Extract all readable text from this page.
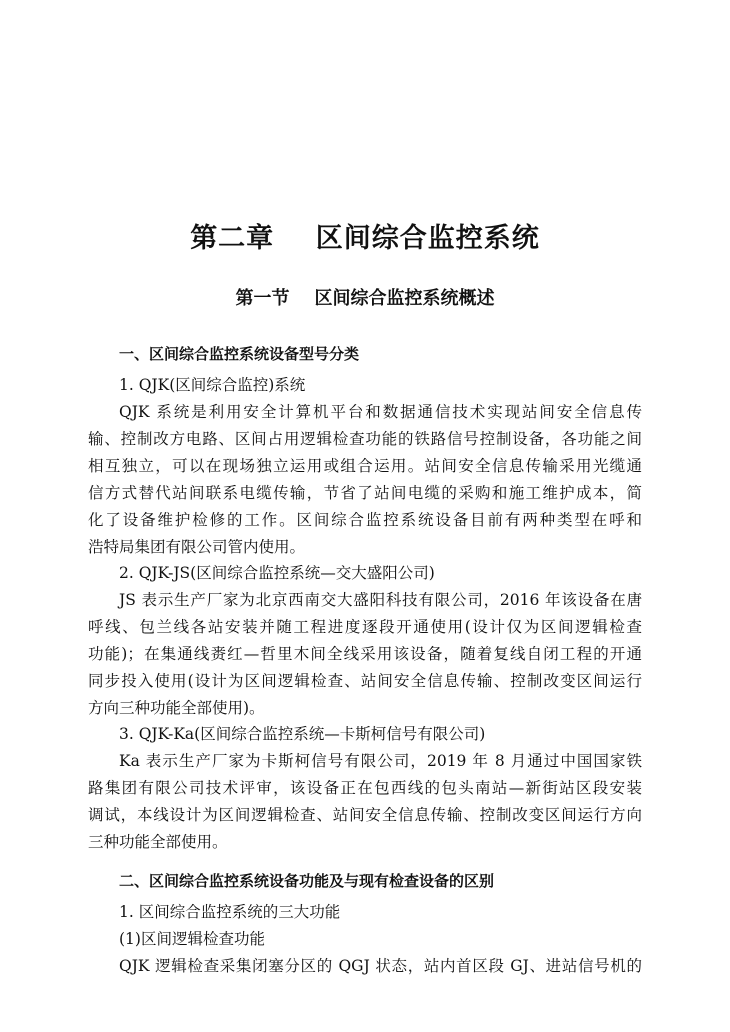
第二章    区间综合监控系统
第一节    区间综合监控系统概述
一、区间综合监控系统设备型号分类
1. QJK(区间综合监控)系统
QJK 系统是利用安全计算机平台和数据通信技术实现站间安全信息传
输、控制改方电路、区间占用逻辑检查功能的铁路信号控制设备，各功能之间
相互独立，可以在现场独立运用或组合运用。站间安全信息传输采用光缆通
信方式替代站间联系电缆传输，节省了站间电缆的采购和施工维护成本，简
化了设备维护检修的工作。区间综合监控系统设备目前有两种类型在呼和
浩特局集团有限公司管内使用。
2. QJK-JS(区间综合监控系统—交大盛阳公司)
JS 表示生产厂家为北京西南交大盛阳科技有限公司，2016 年该设备在唐
呼线、包兰线各站安装并随工程进度逐段开通使用(设计仅为区间逻辑检查
功能)；在集通线赉红—哲里木间全线采用该设备，随着复线自闭工程的开通
同步投入使用(设计为区间逻辑检查、站间安全信息传输、控制改变区间运行
方向三种功能全部使用)。
3. QJK-Ka(区间综合监控系统—卡斯柯信号有限公司)
Ka 表示生产厂家为卡斯柯信号有限公司，2019 年 8 月通过中国国家铁
路集团有限公司技术评审，该设备正在包西线的包头南站—新街站区段安装
调试，本线设计为区间逻辑检查、站间安全信息传输、控制改变区间运行方向
三种功能全部使用。
二、区间综合监控系统设备功能及与现有检查设备的区别
1. 区间综合监控系统的三大功能
(1)区间逻辑检查功能
QJK 逻辑检查采集闭塞分区的 QGJ 状态，站内首区段 GJ、进站信号机的
